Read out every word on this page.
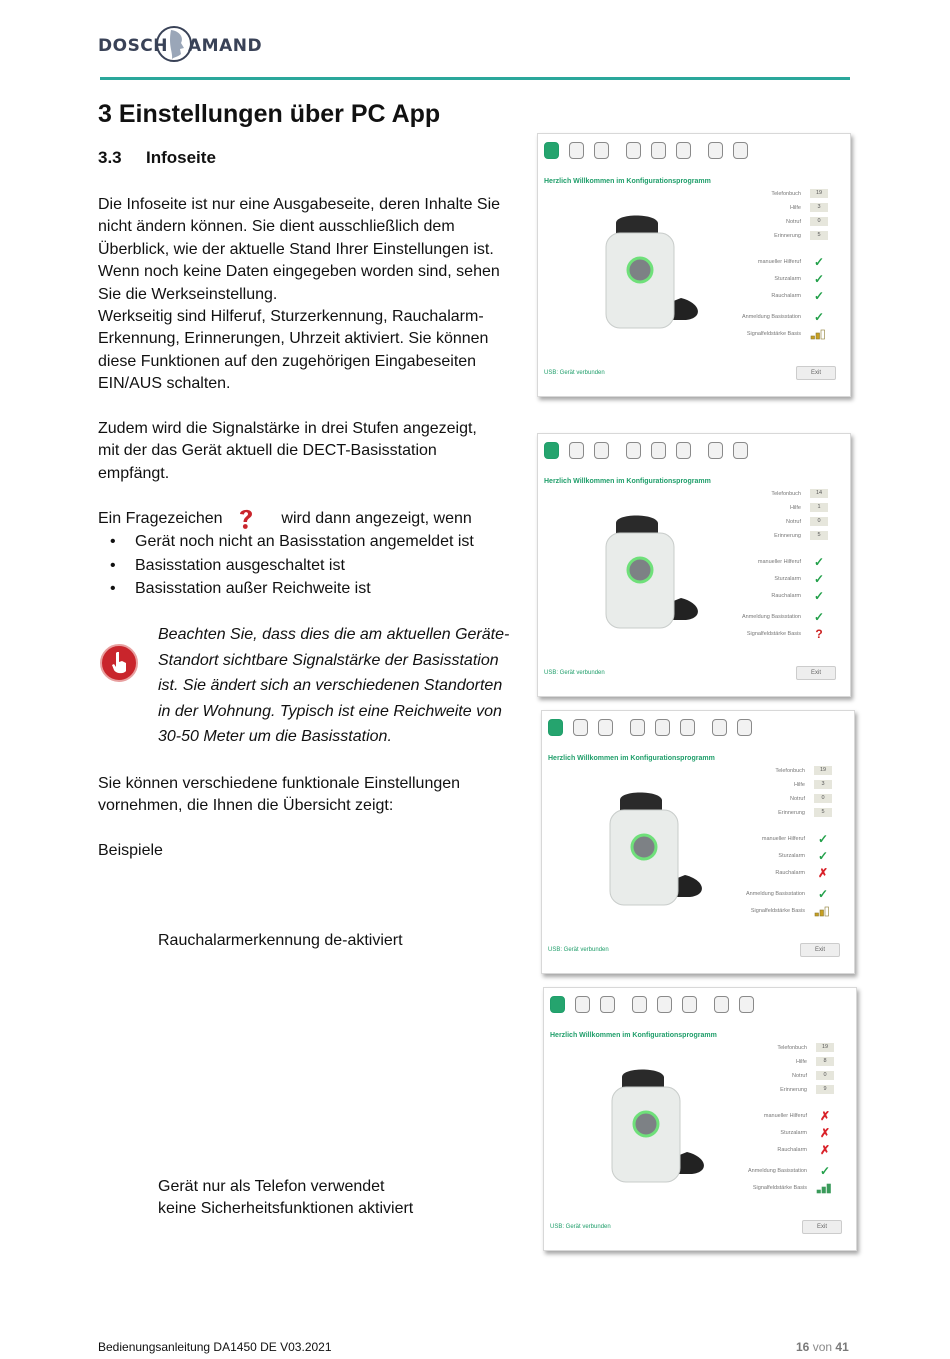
DOSCH AMAND
3 Einstellungen über PC App
3.3 Infoseite
Die Infoseite ist nur eine Ausgabeseite, deren Inhalte Sie
nicht ändern können. Sie dient ausschließlich dem
Überblick, wie der aktuelle Stand Ihrer Einstellungen ist.
Wenn noch keine Daten eingegeben worden sind, sehen
Sie die Werkseinstellung.
Werkseitig sind Hilferuf, Sturzerkennung, Rauchalarm-
Erkennung, Erinnerungen, Uhrzeit aktiviert. Sie können
diese Funktionen auf den zugehörigen Eingabeseiten
EIN/AUS schalten.
Zudem wird die Signalstärke in drei Stufen angezeigt,
mit der das Gerät aktuell die DECT-Basisstation
empfängt.
Ein Fragezeichen	wird dann angezeigt, wenn
• Gerät noch nicht an Basisstation angemeldet ist
• Basisstation ausgeschaltet ist
• Basisstation außer Reichweite ist
Beachten Sie, dass dies die am aktuellen Geräte-
Standort sichtbare Signalstärke der Basisstation
ist. Sie ändert sich an verschiedenen Standorten
in der Wohnung. Typisch ist eine Reichweite von
30-50 Meter um die Basisstation.
Sie können verschiedene funktionale Einstellungen
vornehmen, die Ihnen die Übersicht zeigt:
Beispiele
Rauchalarmerkennung de-aktiviert
Gerät nur als Telefon verwendet
keine Sicherheitsfunktionen aktiviert
Herzlich Willkommen im Konfigurationsprogramm
Telefonbuch	19
Hilfe	3
Notruf	0
Erinnerung	5
manueller Hilferuf ✓
Sturzalarm ✓
Rauchalarm ✓
Anmeldung Basisstation ✓
Signalfeldstärke Basis
USB: Gerät verbunden	Exit
Herzlich Willkommen im Konfigurationsprogramm
Telefonbuch	14
Hilfe	1
Notruf	0
Erinnerung	5
manueller Hilferuf ✓
Sturzalarm ✓
Rauchalarm ✓
Anmeldung Basisstation ✓
Signalfeldstärke Basis ?
USB: Gerät verbunden	Exit
Herzlich Willkommen im Konfigurationsprogramm
Telefonbuch	19
Hilfe	3
Notruf	0
Erinnerung	5
manueller Hilferuf ✓
Sturzalarm ✓
Rauchalarm ✗
Anmeldung Basisstation ✓
Signalfeldstärke Basis
USB: Gerät verbunden	Exit
Herzlich Willkommen im Konfigurationsprogramm
Telefonbuch	19
Hilfe	8
Notruf	0
Erinnerung	9
manueller Hilferuf ✗
Sturzalarm ✗
Rauchalarm ✗
Anmeldung Basisstation ✓
Signalfeldstärke Basis
USB: Gerät verbunden	Exit
Bedienungsanleitung DA1450 DE V03.2021	16 von 41
